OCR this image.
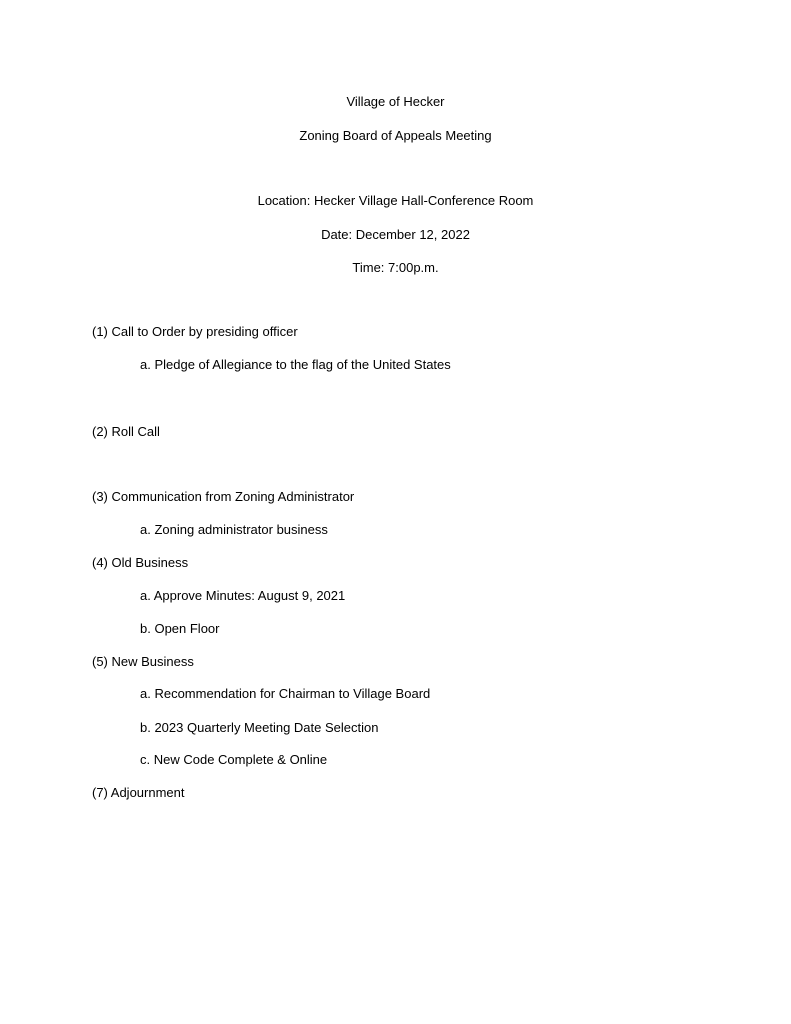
Village of Hecker
Zoning Board of Appeals Meeting
Location: Hecker Village Hall-Conference Room
Date: December 12, 2022
Time: 7:00p.m.
(1) Call to Order by presiding officer
a. Pledge of Allegiance to the flag of the United States
(2) Roll Call
(3) Communication from Zoning Administrator
a. Zoning administrator business
(4) Old Business
a. Approve Minutes: August 9, 2021
b. Open Floor
(5) New Business
a. Recommendation for Chairman to Village Board
b. 2023 Quarterly Meeting Date Selection
c. New Code Complete & Online
(7) Adjournment
